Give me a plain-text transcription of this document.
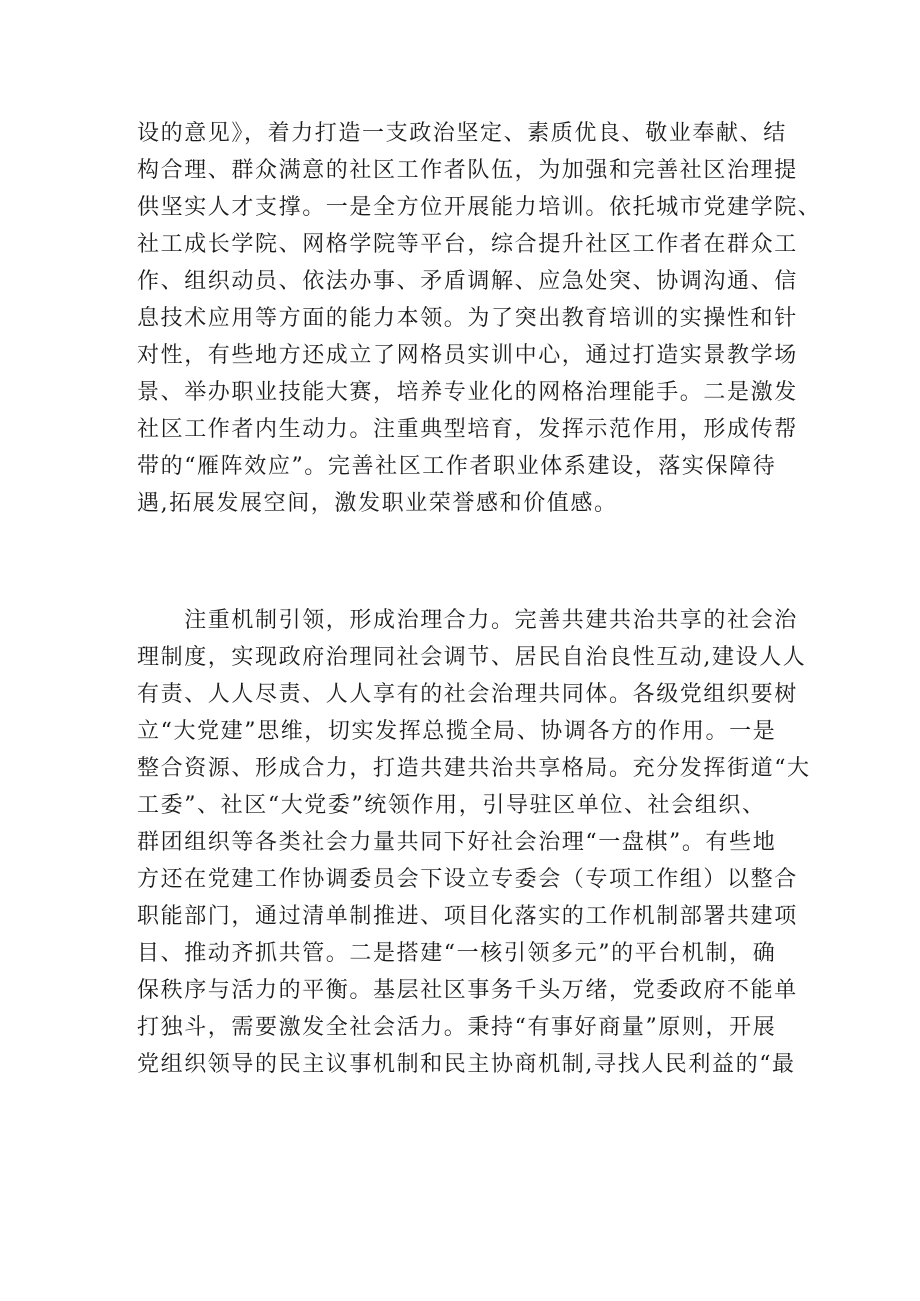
设的意见》，着力打造一支政治坚定、素质优良、敬业奉献、结
构合理、群众满意的社区工作者队伍，为加强和完善社区治理提
供坚实人才支撑。一是全方位开展能力培训。依托城市党建学院、
社工成长学院、网格学院等平台，综合提升社区工作者在群众工
作、组织动员、依法办事、矛盾调解、应急处突、协调沟通、信
息技术应用等方面的能力本领。为了突出教育培训的实操性和针
对性，有些地方还成立了网格员实训中心，通过打造实景教学场
景、举办职业技能大赛，培养专业化的网格治理能手。二是激发
社区工作者内生动力。注重典型培育，发挥示范作用，形成传帮
带的“雁阵效应”。完善社区工作者职业体系建设，落实保障待
遇,拓展发展空间，激发职业荣誉感和价值感。
　　注重机制引领，形成治理合力。完善共建共治共享的社会治
理制度，实现政府治理同社会调节、居民自治良性互动,建设人人
有责、人人尽责、人人享有的社会治理共同体。各级党组织要树
立“大党建”思维，切实发挥总揽全局、协调各方的作用。一是
整合资源、形成合力，打造共建共治共享格局。充分发挥街道“大
工委”、社区“大党委”统领作用，引导驻区单位、社会组织、
群团组织等各类社会力量共同下好社会治理“一盘棋”。有些地
方还在党建工作协调委员会下设立专委会（专项工作组）以整合
职能部门，通过清单制推进、项目化落实的工作机制部署共建项
目、推动齐抓共管。二是搭建“一核引领多元”的平台机制，确
保秩序与活力的平衡。基层社区事务千头万绪，党委政府不能单
打独斗，需要激发全社会活力。秉持“有事好商量”原则，开展
党组织领导的民主议事机制和民主协商机制,寻找人民利益的“最
